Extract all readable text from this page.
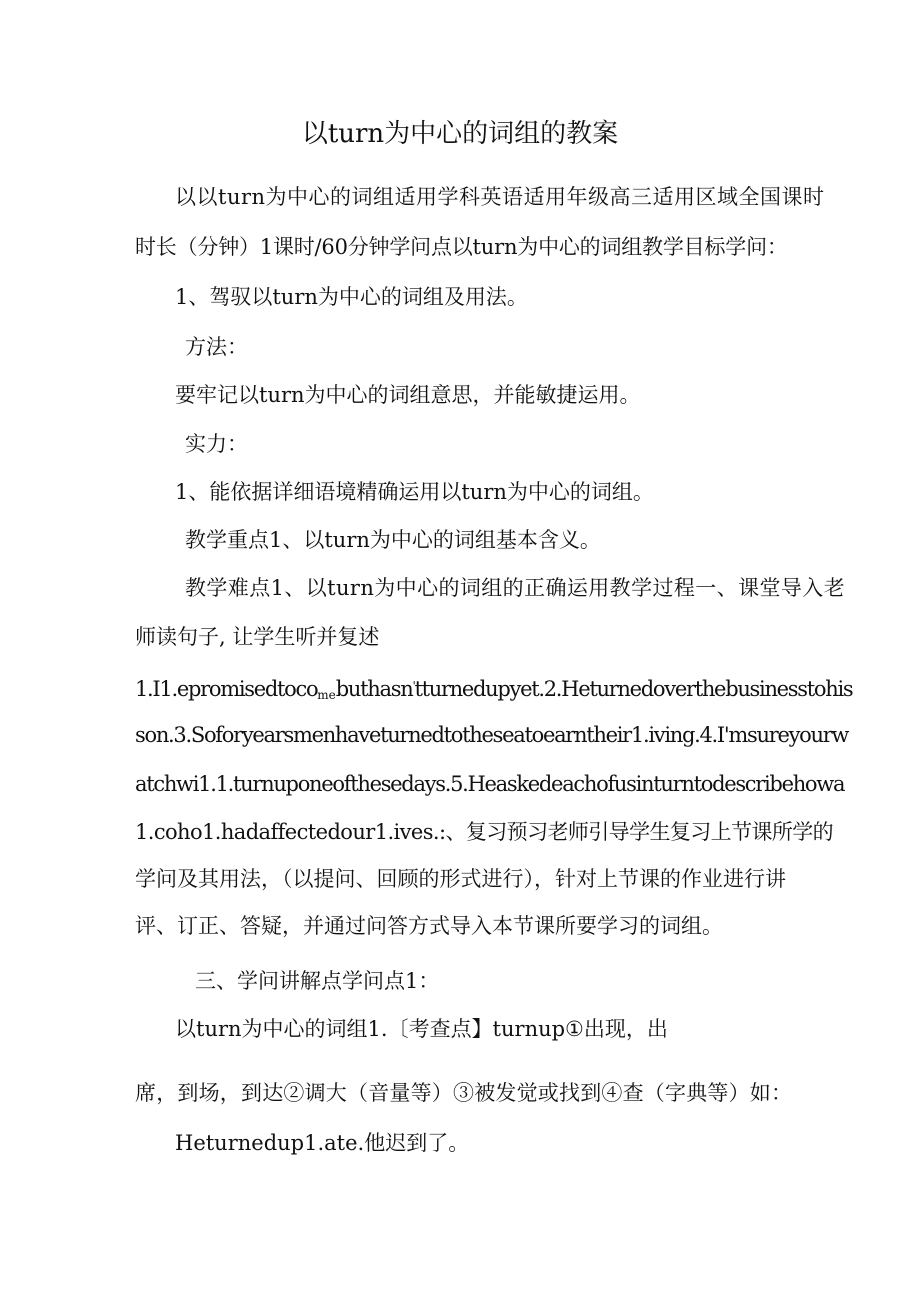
以turn为中心的词组的教案
以以turn为中心的词组适用学科英语适用年级高三适用区域全国课时
时长（分钟）1课时/60分钟学问点以turn为中心的词组教学目标学问：
1、驾驭以turn为中心的词组及用法。
方法：
要牢记以turn为中心的词组意思，并能敏捷运用。
实力：
1、能依据详细语境精确运用以turn为中心的词组。
教学重点1、以turn为中心的词组基本含义。
教学难点1、以turn为中心的词组的正确运用教学过程一、课堂导入老
师读句子, 让学生听并复述
1.I1.epromisedtoco$_{me}$buthasn'tturnedupyet.2.Heturnedoverthebusinesstohis
son.3.Soforyearsmenhaveturnedtotheseatoearntheir1.iving.4.I'msureyourw
atchwi1.1.turnuponeofthesedays.5.Heaskedeachofusinturntodescribehowa
1.coho1.hadaffectedour1.ives.:、复习预习老师引导学生复习上节课所学的
学问及其用法，（以提问、回顾的形式进行），针对上节课的作业进行讲
评、订正、答疑，并通过问答方式导入本节课所要学习的词组。
三、学问讲解点学问点1：
以turn为中心的词组1.〔考查点】turnup①出现，出
席，到场，到达②调大（音量等）③被发觉或找到④查（字典等）如：
Heturnedup1.ate.他迟到了。
